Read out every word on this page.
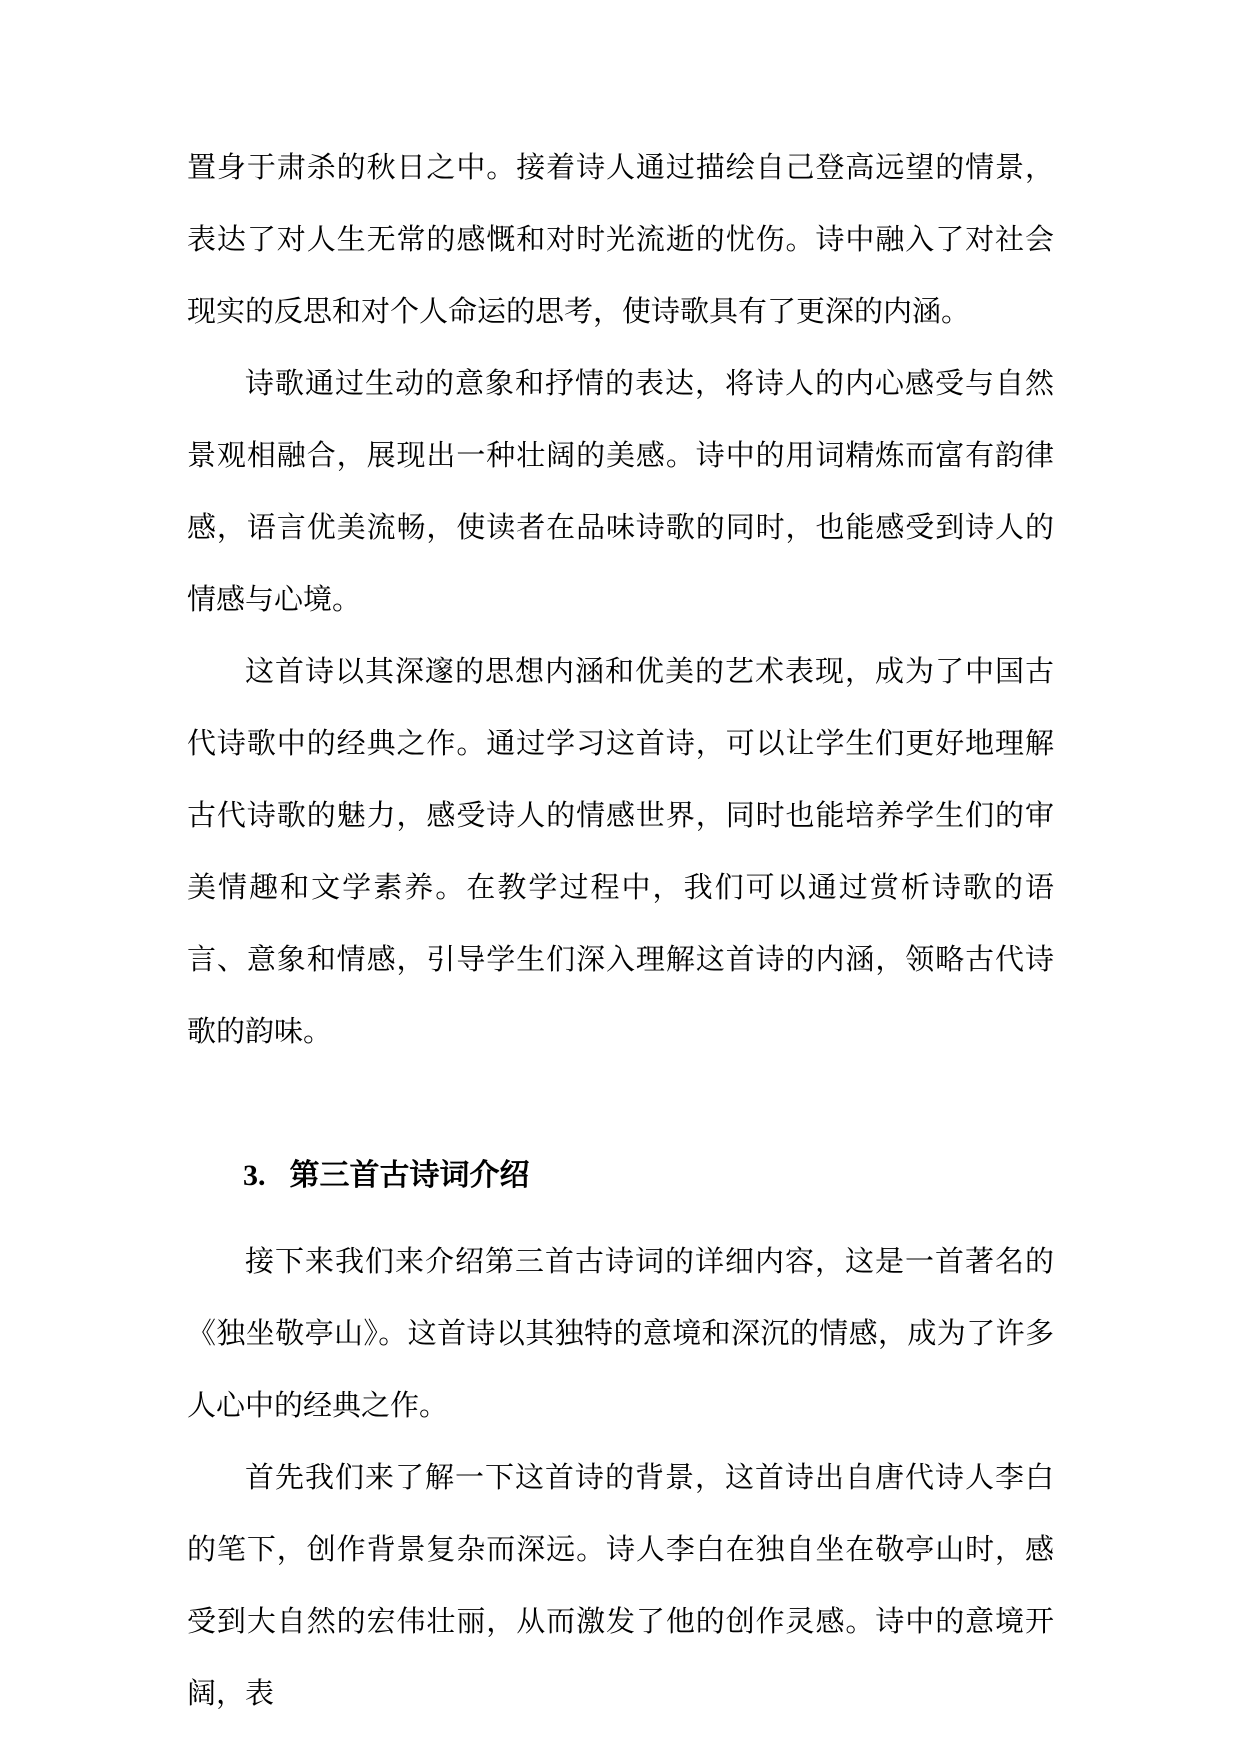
置身于肃杀的秋日之中。接着诗人通过描绘自己登高远望的情景，表达了对人生无常的感慨和对时光流逝的忧伤。诗中融入了对社会现实的反思和对个人命运的思考，使诗歌具有了更深的内涵。

诗歌通过生动的意象和抒情的表达，将诗人的内心感受与自然景观相融合，展现出一种壮阔的美感。诗中的用词精炼而富有韵律感，语言优美流畅，使读者在品味诗歌的同时，也能感受到诗人的情感与心境。

这首诗以其深邃的思想内涵和优美的艺术表现，成为了中国古代诗歌中的经典之作。通过学习这首诗，可以让学生们更好地理解古代诗歌的魅力，感受诗人的情感世界，同时也能培养学生们的审美情趣和文学素养。在教学过程中，我们可以通过赏析诗歌的语言、意象和情感，引导学生们深入理解这首诗的内涵，领略古代诗歌的韵味。

3. 第三首古诗词介绍

接下来我们来介绍第三首古诗词的详细内容，这是一首著名的《独坐敬亭山》。这首诗以其独特的意境和深沉的情感，成为了许多人心中的经典之作。

首先我们来了解一下这首诗的背景，这首诗出自唐代诗人李白的笔下，创作背景复杂而深远。诗人李白在独自坐在敬亭山时，感受到大自然的宏伟壮丽，从而激发了他的创作灵感。诗中的意境开阔，表
